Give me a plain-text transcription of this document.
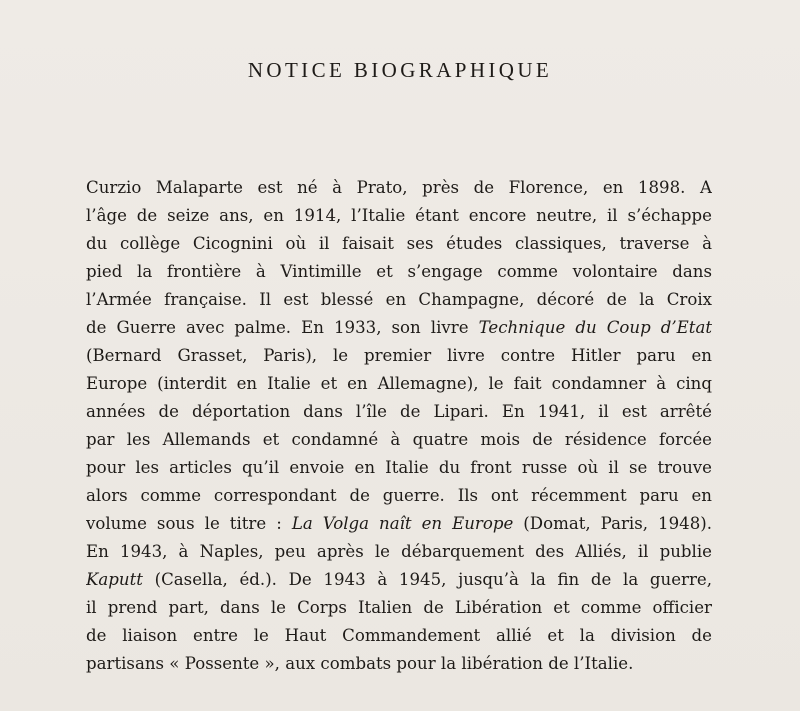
NOTICE BIOGRAPHIQUE
Curzio Malaparte est né à Prato, près de Florence, en 1898. A
l’âge de seize ans, en 1914, l’Italie étant encore neutre, il s’échappe
du collège Cicognini où il faisait ses études classiques, traverse à
pied la frontière à Vintimille et s’engage comme volontaire dans
l’Armée française. Il est blessé en Champagne, décoré de la Croix
de Guerre avec palme. En 1933, son livre Technique du Coup d’Etat
(Bernard Grasset, Paris), le premier livre contre Hitler paru en
Europe (interdit en Italie et en Allemagne), le fait condamner à cinq
années de déportation dans l’île de Lipari. En 1941, il est arrêté
par les Allemands et condamné à quatre mois de résidence forcée
pour les articles qu’il envoie en Italie du front russe où il se trouve
alors comme correspondant de guerre. Ils ont récemment paru en
volume sous le titre : La Volga naît en Europe (Domat, Paris, 1948).
En 1943, à Naples, peu après le débarquement des Alliés, il publie
Kaputt (Casella, éd.). De 1943 à 1945, jusqu’à la fin de la guerre,
il prend part, dans le Corps Italien de Libération et comme officier
de liaison entre le Haut Commandement allié et la division de
partisans « Possente », aux combats pour la libération de l’Italie.
